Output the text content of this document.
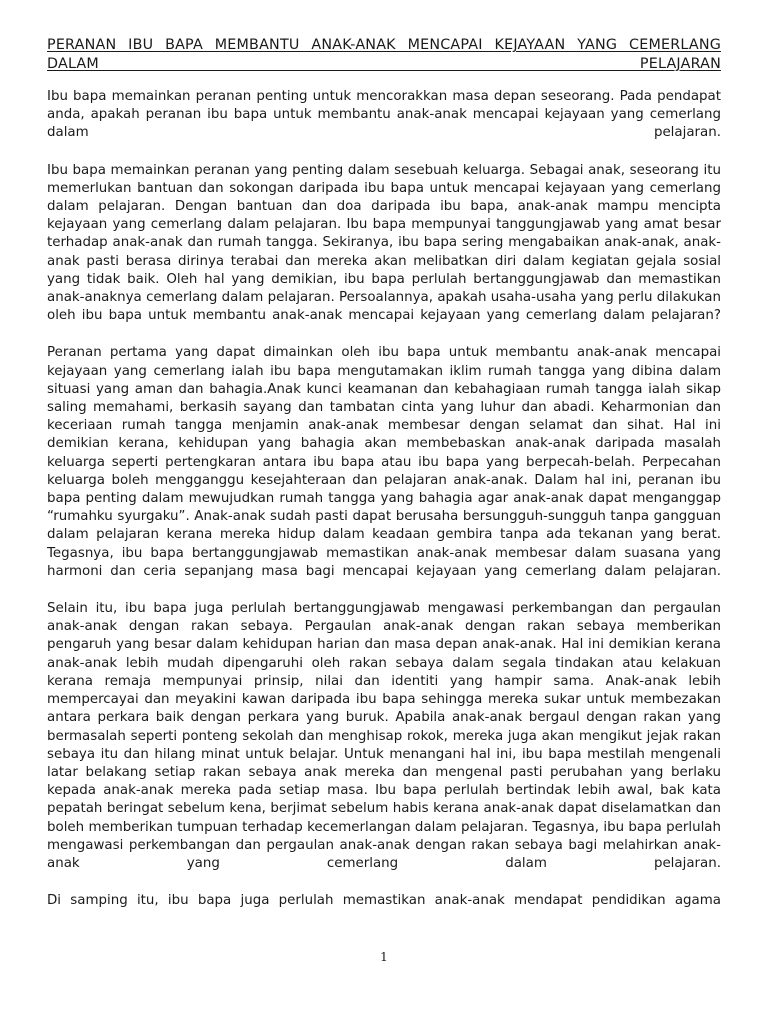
PERANAN IBU BAPA MEMBANTU ANAK-ANAK MENCAPAI KEJAYAAN YANG CEMERLANG DALAM PELAJARAN

Ibu bapa memainkan peranan penting untuk mencorakkan masa depan seseorang. Pada pendapat anda, apakah peranan ibu bapa untuk membantu anak-anak mencapai kejayaan yang cemerlang dalam pelajaran.

Ibu bapa memainkan peranan yang penting dalam sesebuah keluarga. Sebagai anak, seseorang itu memerlukan bantuan dan sokongan daripada ibu bapa untuk mencapai kejayaan yang cemerlang dalam pelajaran. Dengan bantuan dan doa daripada ibu bapa, anak-anak mampu mencipta kejayaan yang cemerlang dalam pelajaran. Ibu bapa mempunyai tanggungjawab yang amat besar terhadap anak-anak dan rumah tangga. Sekiranya, ibu bapa sering mengabaikan anak-anak, anak-anak pasti berasa dirinya terabai dan mereka akan melibatkan diri dalam kegiatan gejala sosial yang tidak baik. Oleh hal yang demikian, ibu bapa perlulah bertanggungjawab dan memastikan anak-anaknya cemerlang dalam pelajaran. Persoalannya, apakah usaha-usaha yang perlu dilakukan oleh ibu bapa untuk membantu anak-anak mencapai kejayaan yang cemerlang dalam pelajaran?

Peranan pertama yang dapat dimainkan oleh ibu bapa untuk membantu anak-anak mencapai kejayaan yang cemerlang ialah ibu bapa mengutamakan iklim rumah tangga yang dibina dalam situasi yang aman dan bahagia.Anak kunci keamanan dan kebahagiaan rumah tangga ialah sikap saling memahami, berkasih sayang dan tambatan cinta yang luhur dan abadi. Keharmonian dan keceriaan rumah tangga menjamin anak-anak membesar dengan selamat dan sihat. Hal ini demikian kerana, kehidupan yang bahagia akan membebaskan anak-anak daripada masalah keluarga seperti pertengkaran antara ibu bapa atau ibu bapa yang berpecah-belah. Perpecahan keluarga boleh mengganggu kesejahteraan dan pelajaran anak-anak. Dalam hal ini, peranan ibu bapa penting dalam mewujudkan rumah tangga yang bahagia agar anak-anak dapat menganggap “rumahku syurgaku”. Anak-anak sudah pasti dapat berusaha bersungguh-sungguh tanpa gangguan dalam pelajaran kerana mereka hidup dalam keadaan gembira tanpa ada tekanan yang berat. Tegasnya, ibu bapa bertanggungjawab memastikan anak-anak membesar dalam suasana yang harmoni dan ceria sepanjang masa bagi mencapai kejayaan yang cemerlang dalam pelajaran.

Selain itu, ibu bapa juga perlulah bertanggungjawab mengawasi perkembangan dan pergaulan anak-anak dengan rakan sebaya. Pergaulan anak-anak dengan rakan sebaya memberikan pengaruh yang besar dalam kehidupan harian dan masa depan anak-anak. Hal ini demikian kerana anak-anak lebih mudah dipengaruhi oleh rakan sebaya dalam segala tindakan atau kelakuan kerana remaja mempunyai prinsip, nilai dan identiti yang hampir sama. Anak-anak lebih mempercayai dan meyakini kawan daripada ibu bapa sehingga mereka sukar untuk membezakan antara perkara baik dengan perkara yang buruk. Apabila anak-anak bergaul dengan rakan yang bermasalah seperti ponteng sekolah dan menghisap rokok, mereka juga akan mengikut jejak rakan sebaya itu dan hilang minat untuk belajar. Untuk menangani hal ini, ibu bapa mestilah mengenali latar belakang setiap rakan sebaya anak mereka dan mengenal pasti perubahan yang berlaku kepada anak-anak mereka pada setiap masa. Ibu bapa perlulah bertindak lebih awal, bak kata pepatah beringat sebelum kena, berjimat sebelum habis kerana anak-anak dapat diselamatkan dan boleh memberikan tumpuan terhadap kecemerlangan dalam pelajaran. Tegasnya, ibu bapa perlulah mengawasi perkembangan dan pergaulan anak-anak dengan rakan sebaya bagi melahirkan anak-anak yang cemerlang dalam pelajaran.

Di samping itu, ibu bapa juga perlulah memastikan anak-anak mendapat pendidikan agama

1
